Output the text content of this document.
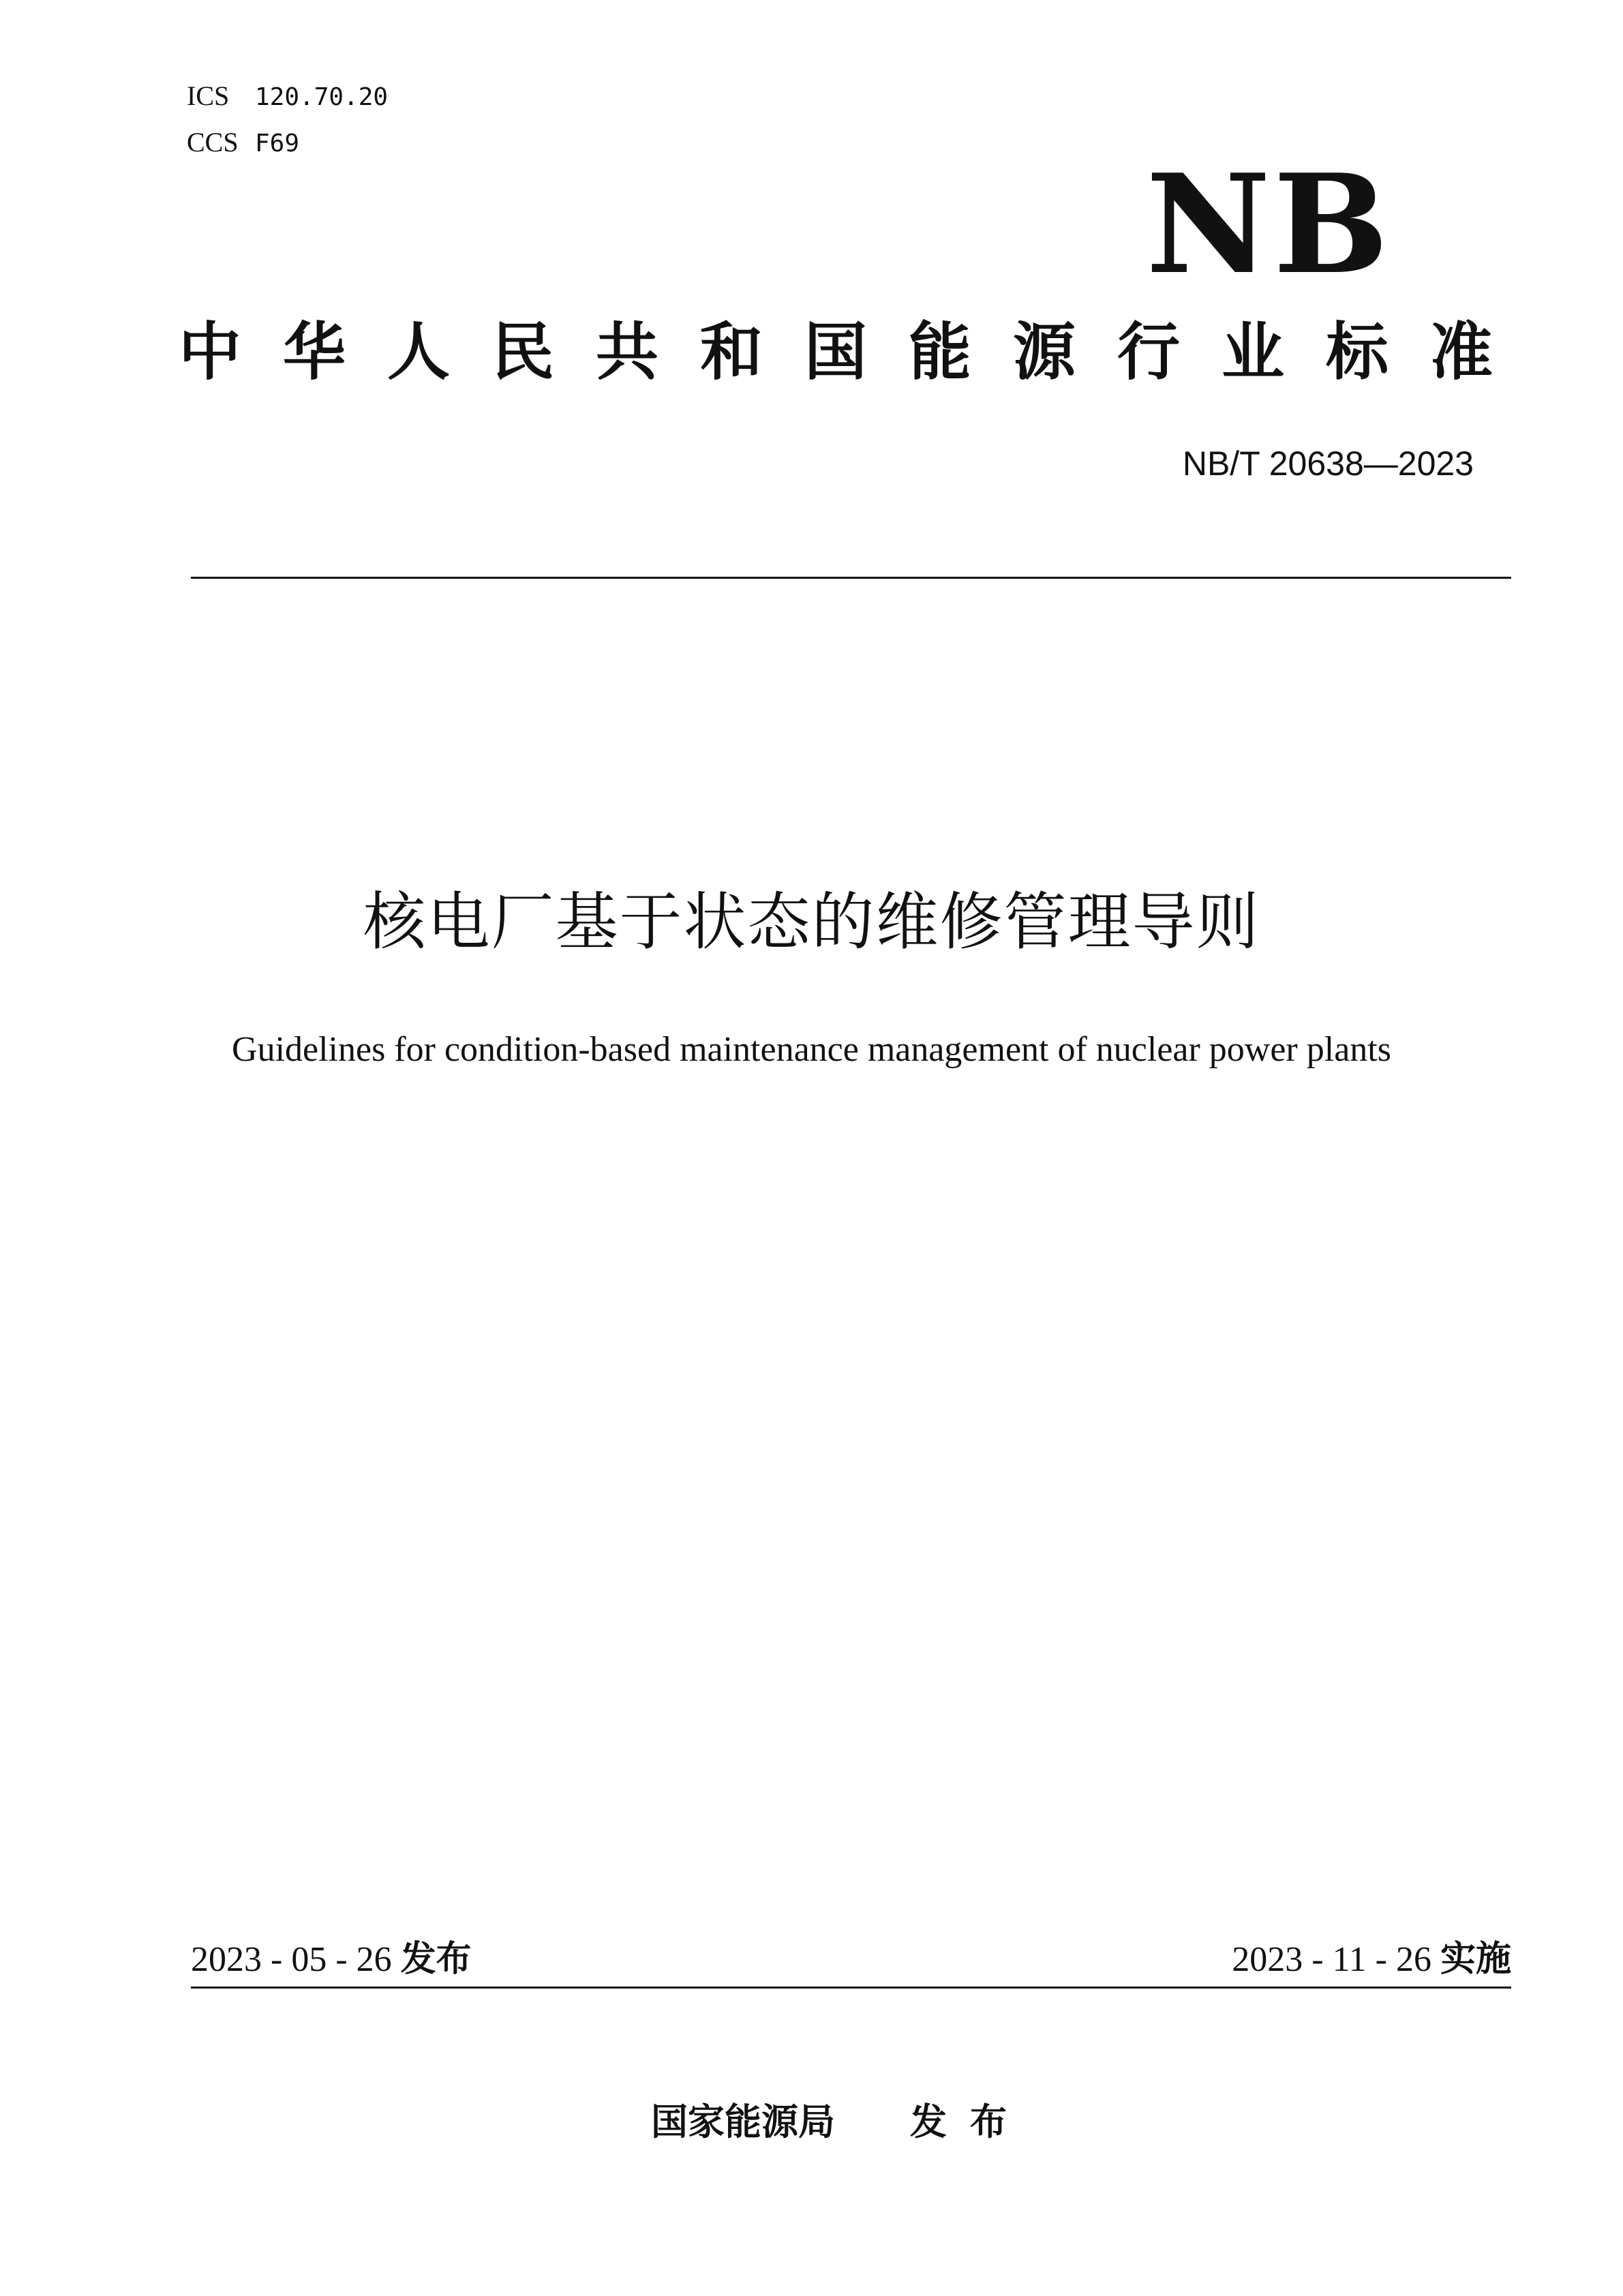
ICS 120.70.20
CCS F69
NB
中华人民共和国能源行业标准
NB/T 20638—2023
核电厂基于状态的维修管理导则
Guidelines for condition-based maintenance management of nuclear power plants
2023 - 05 - 26 发布	2023 - 11 - 26 实施
国家能源局 发布
